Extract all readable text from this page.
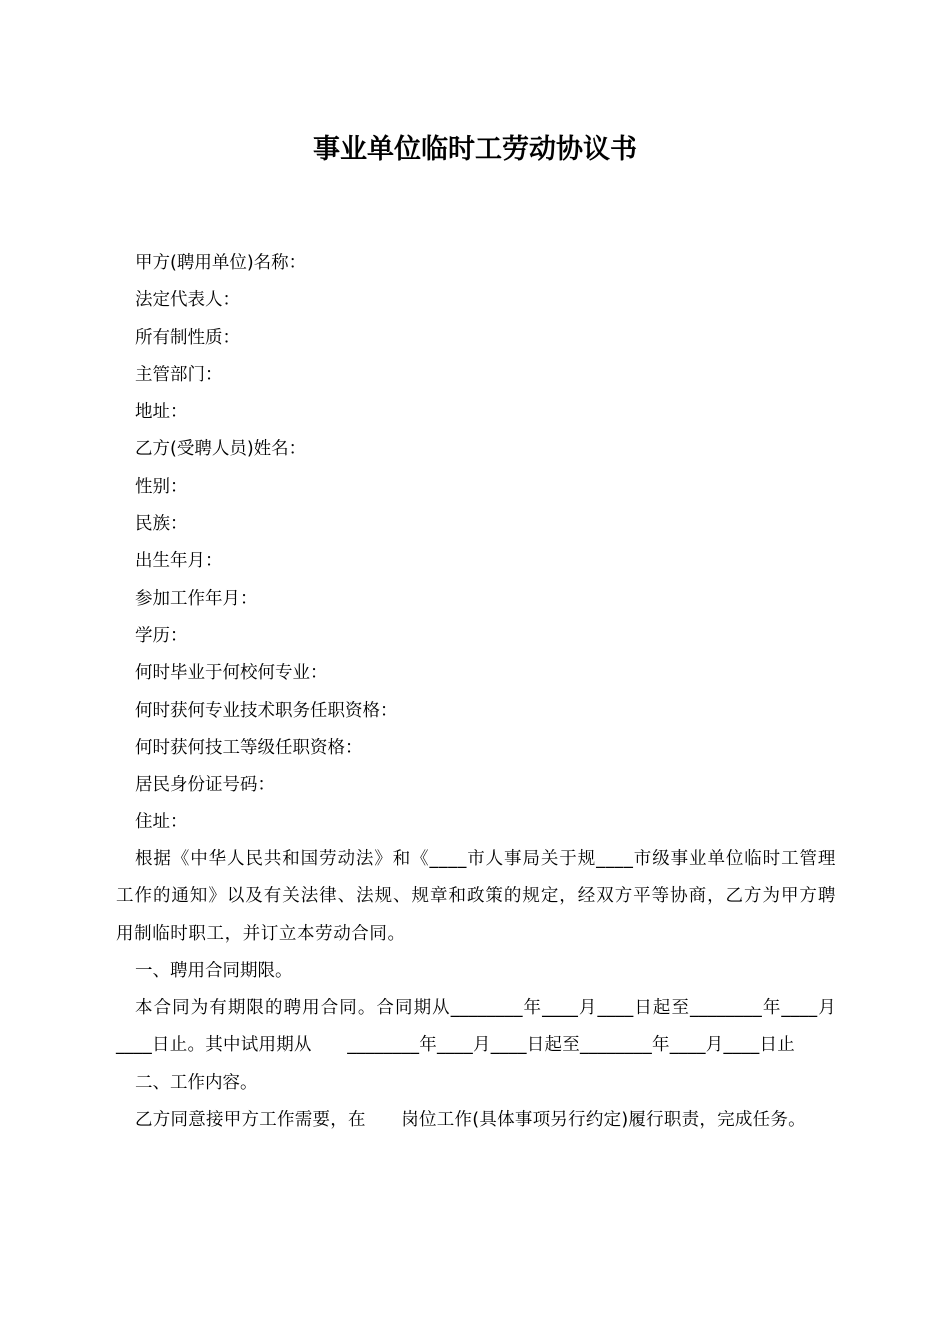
事业单位临时工劳动协议书
甲方(聘用单位)名称：
法定代表人：
所有制性质：
主管部门：
地址：
乙方(受聘人员)姓名：
性别：
民族：
出生年月：
参加工作年月：
学历：
何时毕业于何校何专业：
何时获何专业技术职务任职资格：
何时获何技工等级任职资格：
居民身份证号码：
住址：

根据《中华人民共和国劳动法》和《____市人事局关于规____市级事业单位临时工管理工作的通知》以及有关法律、法规、规章和政策的规定，经双方平等协商，乙方为甲方聘用制临时职工，并订立本劳动合同。

一、聘用合同期限。

本合同为有期限的聘用合同。合同期从________年____月____日起至________年____月____日止。其中试用期从　　________年____月____日起至________年____月____日止

二、工作内容。

乙方同意接甲方工作需要，在　　岗位工作(具体事项另行约定)履行职责，完成任务。
